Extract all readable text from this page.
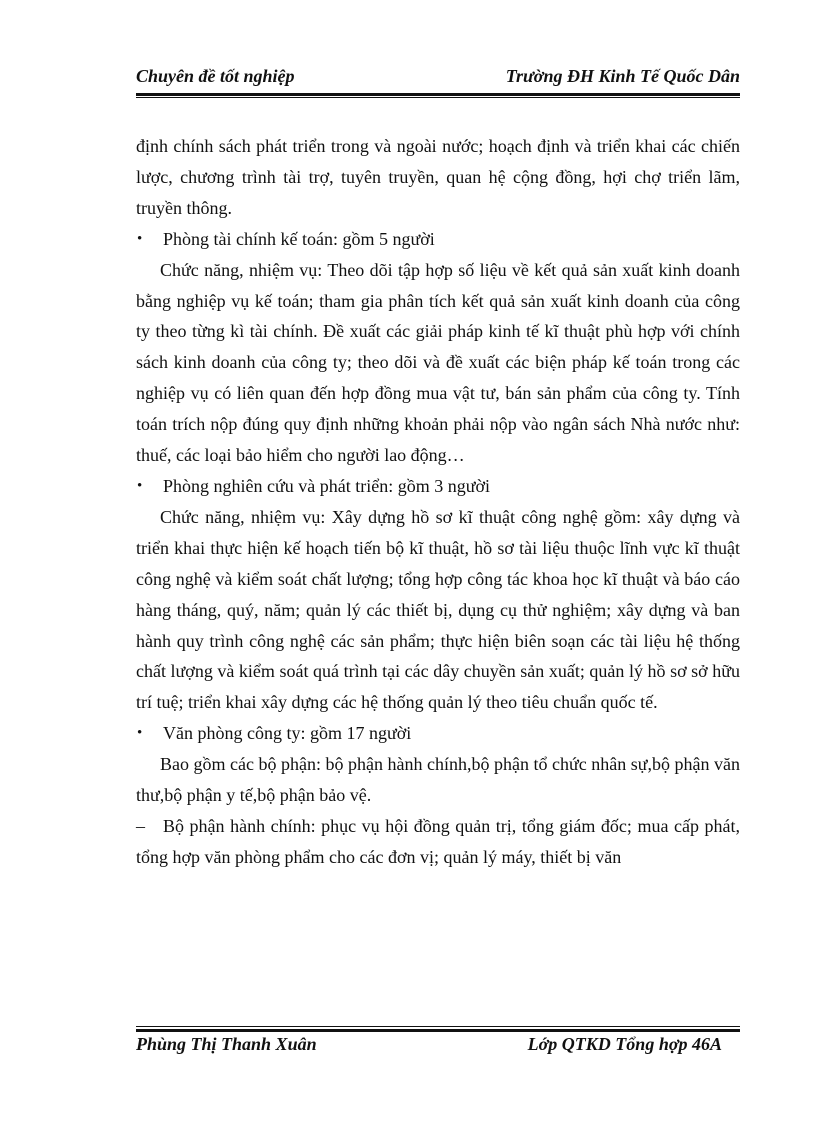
Chuyên đề tốt nghiệp	Trường ĐH Kinh Tế Quốc Dân

định chính sách phát triển trong và ngoài nước; hoạch định và triển khai các chiến lược, chương trình tài trợ, tuyên truyền, quan hệ cộng đồng, hợi chợ triển lãm, truyền thông.

• Phòng tài chính kế toán: gồm 5 người

Chức năng, nhiệm vụ: Theo dõi tập hợp số liệu về kết quả sản xuất kinh doanh bằng nghiệp vụ kế toán; tham gia phân tích kết quả sản xuất kinh doanh của công ty theo từng kì tài chính. Đề xuất các giải pháp kinh tế kĩ thuật phù hợp với chính sách kinh doanh của công ty; theo dõi và đề xuất các biện pháp kế toán trong các nghiệp vụ có liên quan đến hợp đồng mua vật tư, bán sản phẩm của công ty. Tính toán trích nộp đúng quy định những khoản phải nộp vào ngân sách Nhà nước như: thuế, các loại bảo hiểm cho người lao động…

• Phòng nghiên cứu và phát triển: gồm 3 người

Chức năng, nhiệm vụ: Xây dựng hồ sơ kĩ thuật công nghệ gồm: xây dựng và triển khai thực hiện kế hoạch tiến bộ kĩ thuật, hồ sơ tài liệu thuộc lĩnh vực kĩ thuật công nghệ và kiểm soát chất lượng; tổng hợp công tác khoa học kĩ thuật và báo cáo hàng tháng, quý, năm; quản lý các thiết bị, dụng cụ thử nghiệm; xây dựng và ban hành quy trình công nghệ các sản phẩm; thực hiện biên soạn các tài liệu hệ thống chất lượng và kiểm soát quá trình tại các dây chuyền sản xuất; quản lý hồ sơ sở hữu trí tuệ; triển khai xây dựng các hệ thống quản lý theo tiêu chuẩn quốc tế.

• Văn phòng công ty: gồm 17 người

Bao gồm các bộ phận: bộ phận hành chính,bộ phận tổ chức nhân sự,bộ phận văn thư,bộ phận y tế,bộ phận bảo vệ.

– Bộ phận hành chính: phục vụ hội đồng quản trị, tổng giám đốc; mua cấp phát, tổng hợp văn phòng phẩm cho các đơn vị; quản lý máy, thiết bị văn

Phùng Thị Thanh Xuân	Lớp QTKD Tổng hợp 46A
